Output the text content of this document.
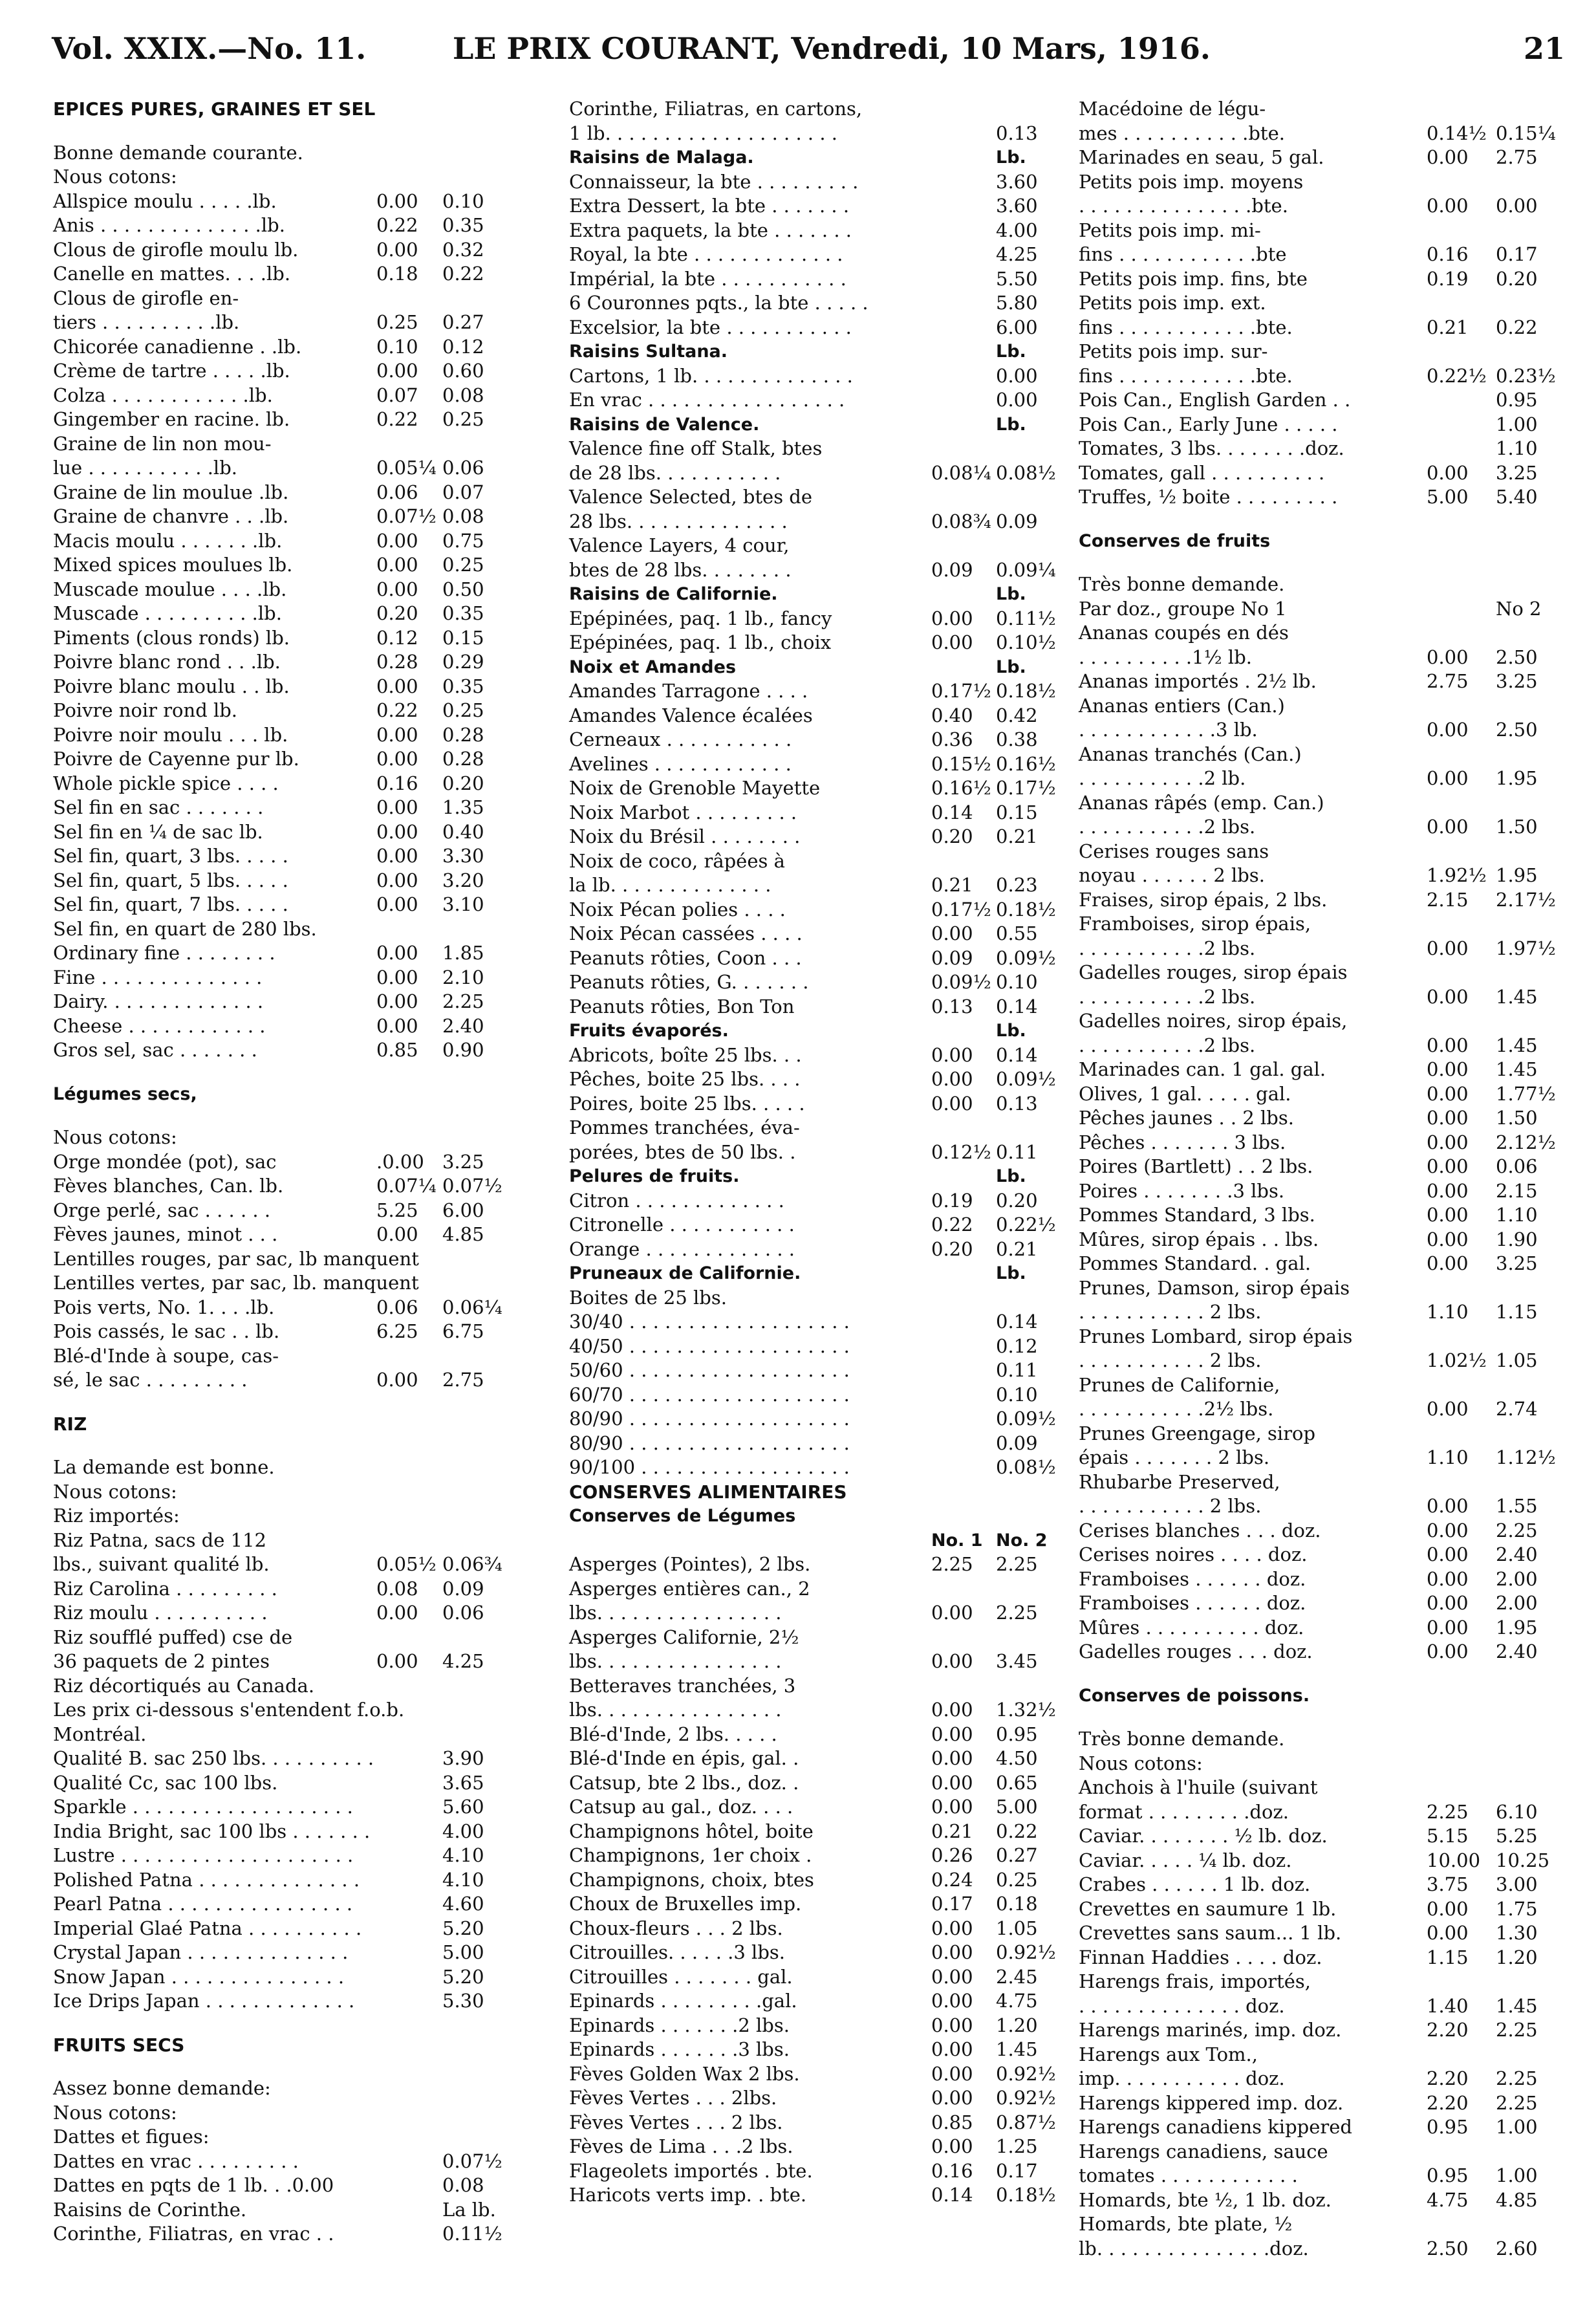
Vol. XXIX.—No. 11.	LE PRIX COURANT, Vendredi, 10 Mars, 1916.	21
EPICES PURES, GRAINES ET SEL
Bonne demande courante.
Nous cotons:
Allspice moulu . . . . .lb.	0.00 0.10
Anis . . . . . . . . . . . . . .lb.	0.22 0.35
Clous de girofle moulu lb.	0.00 0.32
Canelle en mattes. . . .lb.	0.18 0.22
Clous de girofle en-
tiers . . . . . . . . . .lb.	0.25 0.27
Chicorée canadienne . .lb.	0.10 0.12
Crème de tartre . . . . .lb.	0.00 0.60
Colza . . . . . . . . . . . .lb.	0.07 0.08
Gingember en racine. lb.	0.22 0.25
Graine de lin non mou-
lue . . . . . . . . . . .lb.	0.05¼ 0.06
Graine de lin moulue .lb.	0.06 0.07
Graine de chanvre . . .lb.	0.07½ 0.08
Macis moulu . . . . . . .lb.	0.00 0.75
Mixed spices moulues lb.	0.00 0.25
Muscade moulue . . . .lb.	0.00 0.50
Muscade . . . . . . . . . .lb.	0.20 0.35
Piments (clous ronds) lb.	0.12 0.15
Poivre blanc rond . . .lb.	0.28 0.29
Poivre blanc moulu . . lb.	0.00 0.35
Poivre noir rond lb.	0.22 0.25
Poivre noir moulu . . . lb.	0.00 0.28
Poivre de Cayenne pur lb.	0.00 0.28
Whole pickle spice . . . .	0.16 0.20
Sel fin en sac . . . . . . .	0.00 1.35
Sel fin en ¼ de sac lb.	0.00 0.40
Sel fin, quart, 3 lbs. . . . .	0.00 3.30
Sel fin, quart, 5 lbs. . . . .	0.00 3.20
Sel fin, quart, 7 lbs. . . . .	0.00 3.10
Sel fin, en quart de 280 lbs.
Ordinary fine . . . . . . . .	0.00 1.85
Fine . . . . . . . . . . . . . .	0.00 2.10
Dairy. . . . . . . . . . . . . .	0.00 2.25
Cheese . . . . . . . . . . . .	0.00 2.40
Gros sel, sac . . . . . . .	0.85 0.90
Légumes secs,
Nous cotons:
Orge mondée (pot), sac	.0.00 3.25
Fèves blanches, Can. lb.	0.07¼ 0.07½
Orge perlé, sac . . . . . .	5.25 6.00
Fèves jaunes, minot . . .	0.00 4.85
Lentilles rouges, par sac, lb manquent
Lentilles vertes, par sac, lb. manquent
Pois verts, No. 1. . . .lb.	0.06 0.06¼
Pois cassés, le sac . . lb.	6.25 6.75
Blé-d'Inde à soupe, cas-
sé, le sac . . . . . . . . .	0.00 2.75
RIZ
La demande est bonne.
Nous cotons:
Riz importés:
Riz Patna, sacs de 112
lbs., suivant qualité lb.	0.05½ 0.06¾
Riz Carolina . . . . . . . . .	0.08 0.09
Riz moulu . . . . . . . . . .	0.00 0.06
Riz soufflé puffed) cse de
36 paquets de 2 pintes	0.00 4.25
Riz décortiqués au Canada.
Les prix ci-dessous s'entendent f.o.b.
Montréal.
Qualité B. sac 250 lbs. . . . . . . . . .	3.90
Qualité Cc, sac 100 lbs.	3.65
Sparkle . . . . . . . . . . . . . . . . . . .	5.60
India Bright, sac 100 lbs . . . . . . .	4.00
Lustre . . . . . . . . . . . . . . . . . . . .	4.10
Polished Patna . . . . . . . . . . . . . .	4.10
Pearl Patna . . . . . . . . . . . . . . . .	4.60
Imperial Glaé Patna . . . . . . . . . .	5.20
Crystal Japan . . . . . . . . . . . . . .	5.00
Snow Japan . . . . . . . . . . . . . . .	5.20
Ice Drips Japan . . . . . . . . . . . . .	5.30
FRUITS SECS
Assez bonne demande:
Nous cotons:
Dattes et figues:
Dattes en vrac . . . . . . . . .	0.07½
Dattes en pqts de 1 lb. . .0.00	0.08
Raisins de Corinthe.	La lb.
Corinthe, Filiatras, en vrac . .	0.11½
Corinthe, Filiatras, en cartons,
1 lb. . . . . . . . . . . . . . . . . . . .	0.13
Raisins de Malaga.	Lb.
Connaisseur, la bte . . . . . . . . .	3.60
Extra Dessert, la bte . . . . . . .	3.60
Extra paquets, la bte . . . . . . .	4.00
Royal, la bte . . . . . . . . . . . . .	4.25
Impérial, la bte . . . . . . . . . . .	5.50
6 Couronnes pqts., la bte . . . . .	5.80
Excelsior, la bte . . . . . . . . . . .	6.00
Raisins Sultana.	Lb.
Cartons, 1 lb. . . . . . . . . . . . . .	0.00
En vrac . . . . . . . . . . . . . . . . .	0.00
Raisins de Valence.	Lb.
Valence fine off Stalk, btes
de 28 lbs. . . . . . . . . . .	0.08¼ 0.08½
Valence Selected, btes de
28 lbs. . . . . . . . . . . . . .	0.08¾ 0.09
Valence Layers, 4 cour,
btes de 28 lbs. . . . . . . .	0.09 0.09¼
Raisins de Californie.	Lb.
Epépinées, paq. 1 lb., fancy	0.00 0.11½
Epépinées, paq. 1 lb., choix	0.00 0.10½
Noix et Amandes	Lb.
Amandes Tarragone . . . .	0.17½ 0.18½
Amandes Valence écalées	0.40 0.42
Cerneaux . . . . . . . . . . .	0.36 0.38
Avelines . . . . . . . . . . . .	0.15½ 0.16½
Noix de Grenoble Mayette	0.16½ 0.17½
Noix Marbot . . . . . . . . .	0.14 0.15
Noix du Brésil . . . . . . . .	0.20 0.21
Noix de coco, râpées à
la lb. . . . . . . . . . . . . .	0.21 0.23
Noix Pécan polies . . . .	0.17½ 0.18½
Noix Pécan cassées . . . .	0.00 0.55
Peanuts rôties, Coon . . .	0.09 0.09½
Peanuts rôties, G. . . . . . .	0.09½ 0.10
Peanuts rôties, Bon Ton	0.13 0.14
Fruits évaporés.	Lb.
Abricots, boîte 25 lbs. . .	0.00 0.14
Pêches, boite 25 lbs. . . .	0.00 0.09½
Poires, boite 25 lbs. . . . .	0.00 0.13
Pommes tranchées, éva-
porées, btes de 50 lbs. .	0.12½ 0.11
Pelures de fruits.	Lb.
Citron . . . . . . . . . . . . .	0.19 0.20
Citronelle . . . . . . . . . . .	0.22 0.22½
Orange . . . . . . . . . . . . .	0.20 0.21
Pruneaux de Californie.	Lb.
Boites de 25 lbs.
30/40 . . . . . . . . . . . . . . . . . . .	0.14
40/50 . . . . . . . . . . . . . . . . . . .	0.12
50/60 . . . . . . . . . . . . . . . . . . .	0.11
60/70 . . . . . . . . . . . . . . . . . . .	0.10
80/90 . . . . . . . . . . . . . . . . . . .	0.09½
80/90 . . . . . . . . . . . . . . . . . . .	0.09
90/100 . . . . . . . . . . . . . . . . . .	0.08½
CONSERVES ALIMENTAIRES
Conserves de Légumes
No. 1 No. 2
Asperges (Pointes), 2 lbs.	2.25 2.25
Asperges entières can., 2
lbs. . . . . . . . . . . . . . . .	0.00 2.25
Asperges Californie, 2½
lbs. . . . . . . . . . . . . . . .	0.00 3.45
Betteraves tranchées, 3
lbs. . . . . . . . . . . . . . . .	0.00 1.32½
Blé-d'Inde, 2 lbs. . . . .	0.00 0.95
Blé-d'Inde en épis, gal. .	0.00 4.50
Catsup, bte 2 lbs., doz. .	0.00 0.65
Catsup au gal., doz. . . .	0.00 5.00
Champignons hôtel, boite	0.21 0.22
Champignons, 1er choix .	0.26 0.27
Champignons, choix, btes	0.24 0.25
Choux de Bruxelles imp.	0.17 0.18
Choux-fleurs . . . 2 lbs.	0.00 1.05
Citrouilles. . . . . .3 lbs.	0.00 0.92½
Citrouilles . . . . . . . gal.	0.00 2.45
Epinards . . . . . . . . .gal.	0.00 4.75
Epinards . . . . . . .2 lbs.	0.00 1.20
Epinards . . . . . . .3 lbs.	0.00 1.45
Fèves Golden Wax 2 lbs.	0.00 0.92½
Fèves Vertes . . . 2lbs.	0.00 0.92½
Fèves Vertes . . . 2 lbs.	0.85 0.87½
Fèves de Lima . . .2 lbs.	0.00 1.25
Flageolets importés . bte.	0.16 0.17
Haricots verts imp. . bte.	0.14 0.18½
Macédoine de légu-
mes . . . . . . . . . . .bte.	0.14½ 0.15¼
Marinades en seau, 5 gal.	0.00 2.75
Petits pois imp. moyens
. . . . . . . . . . . . . . .bte.	0.00 0.00
Petits pois imp. mi-
fins . . . . . . . . . . . .bte	0.16 0.17
Petits pois imp. fins, bte	0.19 0.20
Petits pois imp. ext.
fins . . . . . . . . . . . .bte.	0.21 0.22
Petits pois imp. sur-
fins . . . . . . . . . . . .bte.	0.22½ 0.23½
Pois Can., English Garden . .	0.95
Pois Can., Early June . . . . .	1.00
Tomates, 3 lbs. . . . . . . .doz.	1.10
Tomates, gall . . . . . . . . . .	0.00 3.25
Truffes, ½ boite . . . . . . . . .	5.00 5.40
Conserves de fruits
Très bonne demande.
Par doz., groupe No 1	No 2
Ananas coupés en dés
. . . . . . . . . .1½ lb.	0.00 2.50
Ananas importés . 2½ lb.	2.75 3.25
Ananas entiers (Can.)
. . . . . . . . . . . .3 lb.	0.00 2.50
Ananas tranchés (Can.)
. . . . . . . . . . .2 lb.	0.00 1.95
Ananas râpés (emp. Can.)
. . . . . . . . . . .2 lbs.	0.00 1.50
Cerises rouges sans
noyau . . . . . . 2 lbs.	1.92½ 1.95
Fraises, sirop épais, 2 lbs.	2.15 2.17½
Framboises, sirop épais,
. . . . . . . . . . .2 lbs.	0.00 1.97½
Gadelles rouges, sirop épais
. . . . . . . . . . .2 lbs.	0.00 1.45
Gadelles noires, sirop épais,
. . . . . . . . . . .2 lbs.	0.00 1.45
Marinades can. 1 gal. gal.	0.00 1.45
Olives, 1 gal. . . . . gal.	0.00 1.77½
Pêches jaunes . . 2 lbs.	0.00 1.50
Pêches . . . . . . . 3 lbs.	0.00 2.12½
Poires (Bartlett) . . 2 lbs.	0.00 0.06
Poires . . . . . . . .3 lbs.	0.00 2.15
Pommes Standard, 3 lbs.	0.00 1.10
Mûres, sirop épais . . lbs.	0.00 1.90
Pommes Standard. . gal.	0.00 3.25
Prunes, Damson, sirop épais
. . . . . . . . . . . 2 lbs.	1.10 1.15
Prunes Lombard, sirop épais
. . . . . . . . . . . 2 lbs.	1.02½ 1.05
Prunes de Californie,
. . . . . . . . . . .2½ lbs.	0.00 2.74
Prunes Greengage, sirop
épais . . . . . . . 2 lbs.	1.10 1.12½
Rhubarbe Preserved,
. . . . . . . . . . . 2 lbs.	0.00 1.55
Cerises blanches . . . doz.	0.00 2.25
Cerises noires . . . . doz.	0.00 2.40
Framboises . . . . . . doz.	0.00 2.00
Framboises . . . . . . doz.	0.00 2.00
Mûres . . . . . . . . . . doz.	0.00 1.95
Gadelles rouges . . . doz.	0.00 2.40
Conserves de poissons.
Très bonne demande.
Nous cotons:
Anchois à l'huile (suivant
format . . . . . . . . .doz.	2.25 6.10
Caviar. . . . . . . . ½ lb. doz.	5.15 5.25
Caviar. . . . . ¼ lb. doz.	10.00 10.25
Crabes . . . . . . 1 lb. doz.	3.75 3.00
Crevettes en saumure 1 lb.	0.00 1.75
Crevettes sans saum... 1 lb.	0.00 1.30
Finnan Haddies . . . . doz.	1.15 1.20
Harengs frais, importés,
. . . . . . . . . . . . . . doz.	1.40 1.45
Harengs marinés, imp. doz.	2.20 2.25
Harengs aux Tom.,
imp. . . . . . . . . . . doz.	2.20 2.25
Harengs kippered imp. doz.	2.20 2.25
Harengs canadiens kippered	0.95 1.00
Harengs canadiens, sauce
tomates . . . . . . . . . . . .	0.95 1.00
Homards, bte ½, 1 lb. doz.	4.75 4.85
Homards, bte plate, ½
lb. . . . . . . . . . . . . . .doz.	2.50 2.60
